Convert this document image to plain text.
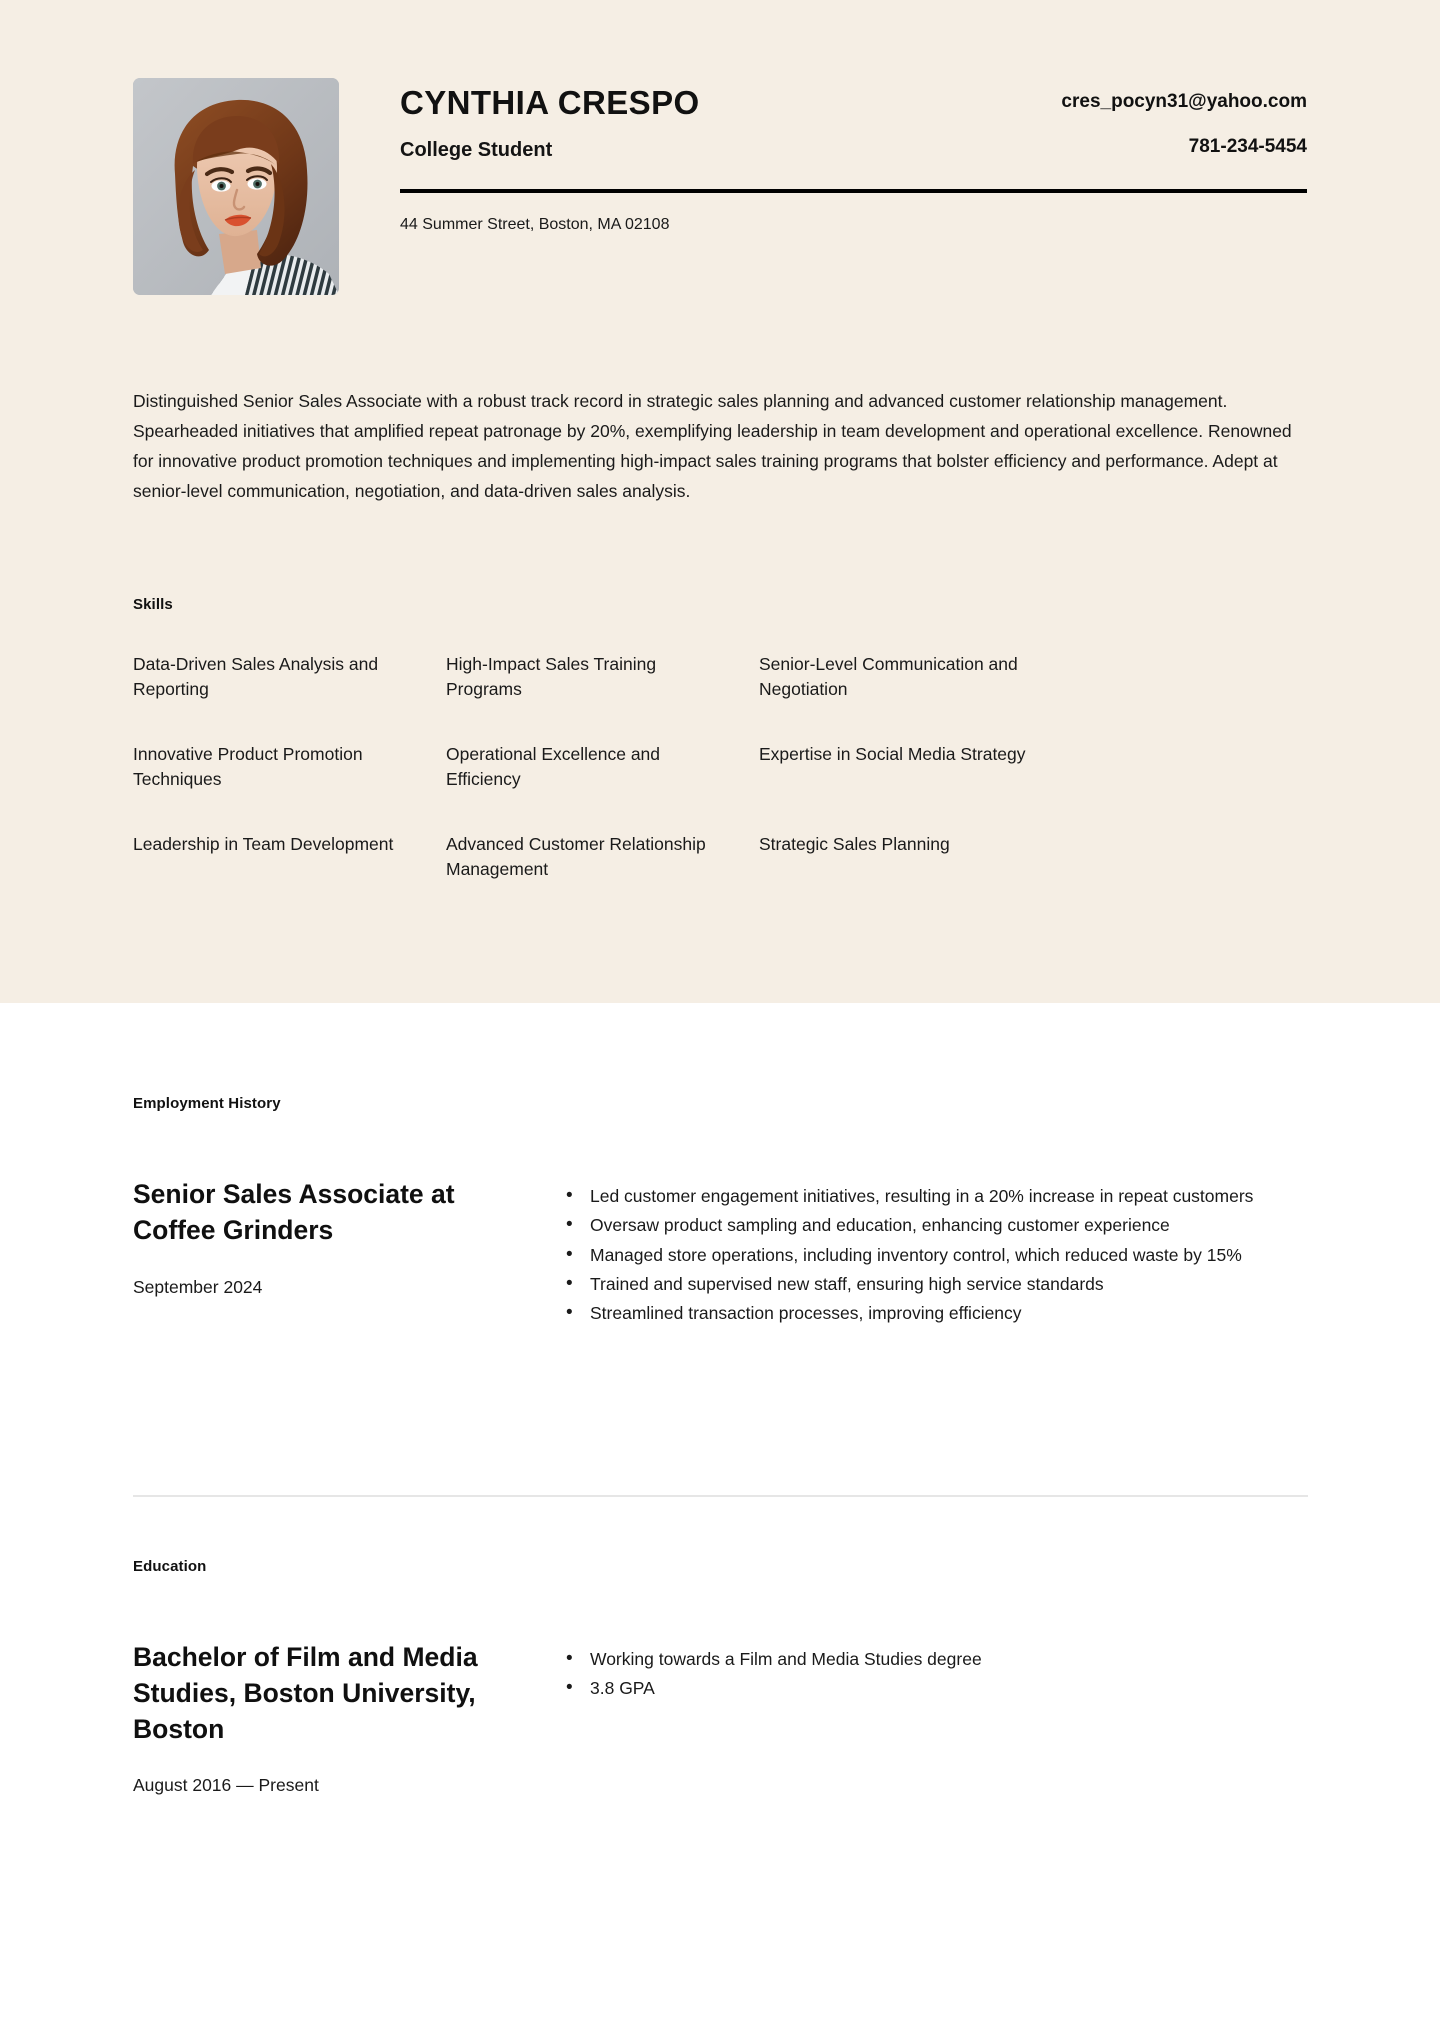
CYNTHIA CRESPO
College Student
cres_pocyn31@yahoo.com
781-234-5454
44 Summer Street, Boston, MA 02108
Distinguished Senior Sales Associate with a robust track record in strategic sales planning and advanced customer relationship management. Spearheaded initiatives that amplified repeat patronage by 20%, exemplifying leadership in team development and operational excellence. Renowned for innovative product promotion techniques and implementing high-impact sales training programs that bolster efficiency and performance. Adept at senior-level communication, negotiation, and data-driven sales analysis.
Skills
Data-Driven Sales Analysis and Reporting
High-Impact Sales Training Programs
Senior-Level Communication and Negotiation
Innovative Product Promotion Techniques
Operational Excellence and Efficiency
Expertise in Social Media Strategy
Leadership in Team Development	Advanced Customer Relationship Management
Strategic Sales Planning
Employment History
Senior Sales Associate at Coffee Grinders
September 2024
• Led customer engagement initiatives, resulting in a 20% increase in repeat customers
• Oversaw product sampling and education, enhancing customer experience
• Managed store operations, including inventory control, which reduced waste by 15%
• Trained and supervised new staff, ensuring high service standards
• Streamlined transaction processes, improving efficiency
Education
Bachelor of Film and Media Studies, Boston University, Boston
August 2016 — Present
• Working towards a Film and Media Studies degree
• 3.8 GPA
